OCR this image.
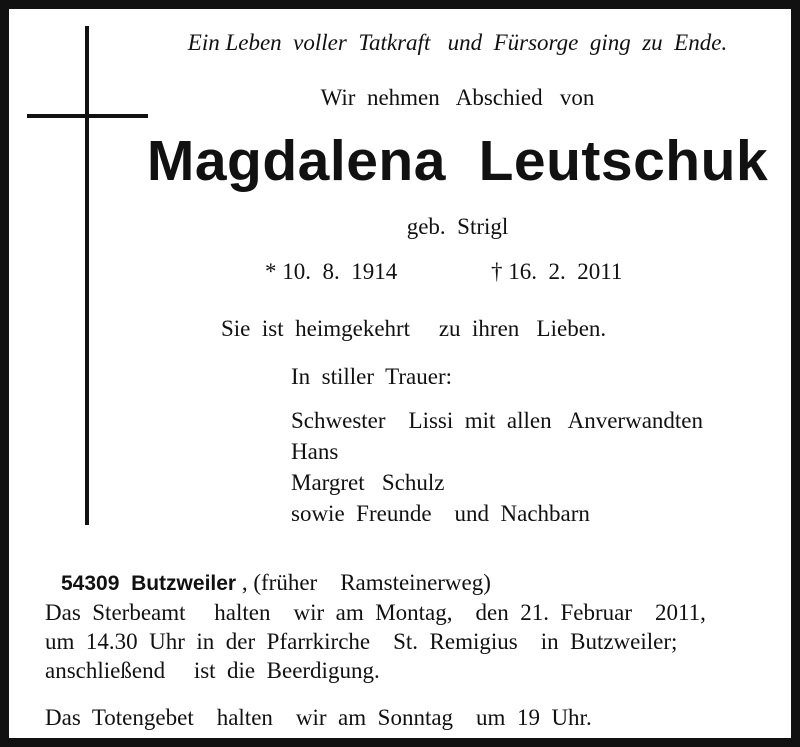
Ein Leben  voller  Tatkraft   und  Fürsorge  ging  zu  Ende.
Wir  nehmen   Abschied   von
Magdalena  Leutschuk
geb.  Strigl

* 10.  8.  1914

	† 16.  2.  2011

Sie  ist  heimgekehrt     zu  ihren   Lieben.
In  stiller  Trauer:
Schwester    Lissi  mit  allen   Anverwandten
Hans
Margret   Schulz
sowie  Freunde    und  Nachbarn

54309  Butzweiler , (früher    Ramsteinerweg)

Das  Sterbeamt     halten    wir  am  Montag,    den  21.  Februar    2011,
um  14.30  Uhr  in  der  Pfarrkirche    St.  Remigius    in  Butzweiler;
anschließend     ist  die  Beerdigung.
Das  Totengebet    halten    wir  am  Sonntag    um  19  Uhr.
